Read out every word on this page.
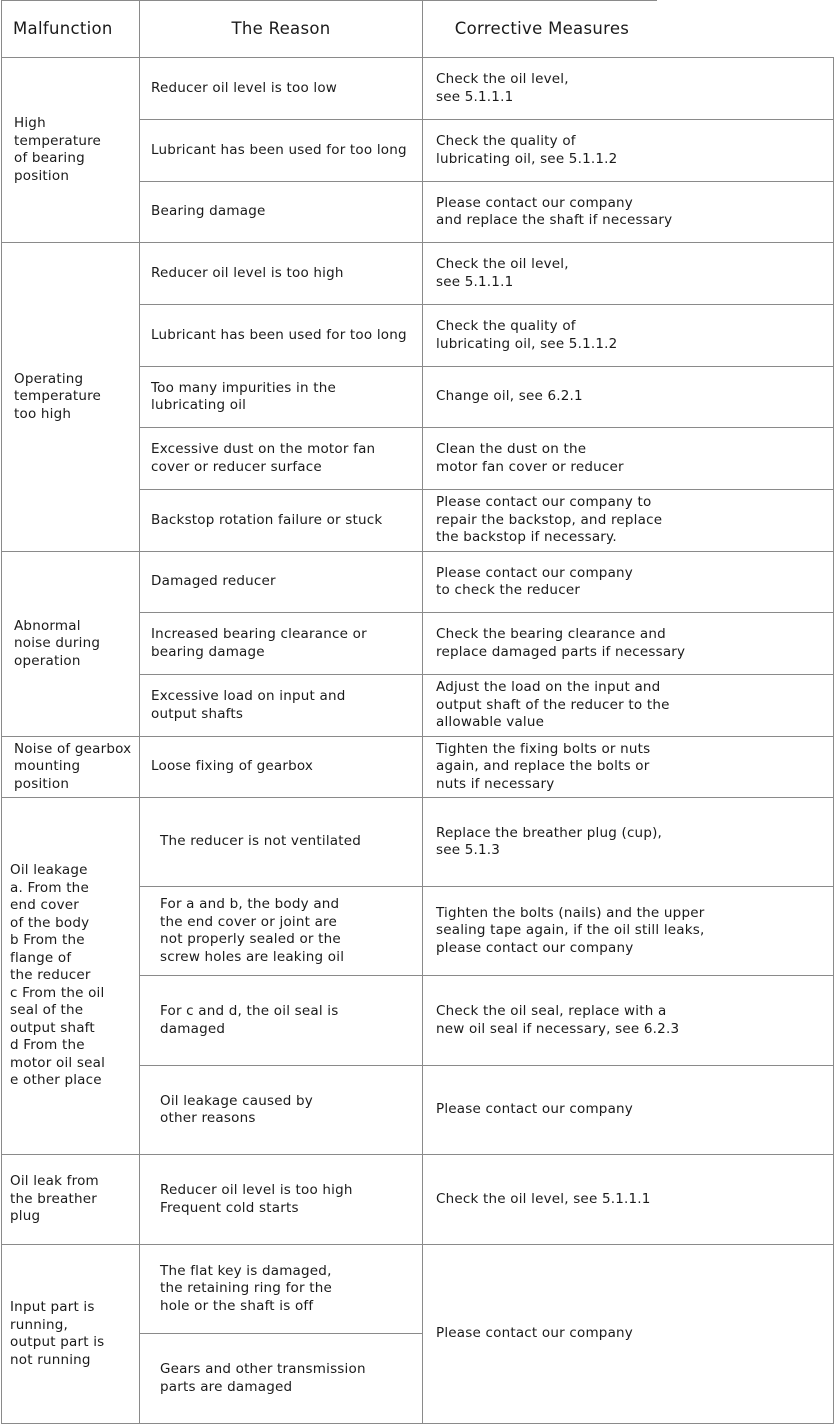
Malfunction	The Reason	Corrective Measures
High
temperature
of bearing
position
Reducer oil level is too low
Check the oil level,
see 5.1.1.1
Lubricant has been used for too long
Check the quality of
lubricating oil, see 5.1.1.2
Bearing damage
Please contact our company
and replace the shaft if necessary
Operating
temperature
too high
Reducer oil level is too high
Check the oil level,
see 5.1.1.1
Lubricant has been used for too long
Check the quality of
lubricating oil, see 5.1.1.2
Too many impurities in the
lubricating oil
Change oil, see 6.2.1
Excessive dust on the motor fan
cover or reducer surface
Clean the dust on the
motor fan cover or reducer
Backstop rotation failure or stuck
Please contact our company to
repair the backstop, and replace
the backstop if necessary.
Abnormal
noise during
operation
Damaged reducer
Please contact our company
to check the reducer
Increased bearing clearance or
bearing damage
Check the bearing clearance and
replace damaged parts if necessary
Excessive load on input and
output shafts
Adjust the load on the input and
output shaft of the reducer to the
allowable value
Noise of gearbox
mounting position
Loose fixing of gearbox
Tighten the fixing bolts or nuts
again, and replace the bolts or
nuts if necessary
Oil leakage
a. From the
end cover
of the body
b From the
flange of
the reducer
c From the oil
seal of the
output shaft
d From the
motor oil seal
e other place
The reducer is not ventilated
Replace the breather plug (cup),
see 5.1.3
For a and b, the body and
the end cover or joint are
not properly sealed or the
screw holes are leaking oil
Tighten the bolts (nails) and the upper
sealing tape again, if the oil still leaks,
please contact our company
For c and d, the oil seal is
damaged
Check the oil seal, replace with a
new oil seal if necessary, see 6.2.3
Oil leakage caused by
other reasons
Please contact our company
Oil leak from
the breather
plug
Reducer oil level is too high
Frequent cold starts
Check the oil level, see 5.1.1.1
Input part is
running,
output part is
not running
The flat key is damaged,
the retaining ring for the
hole or the shaft is off
Gears and other transmission
parts are damaged
Please contact our company
